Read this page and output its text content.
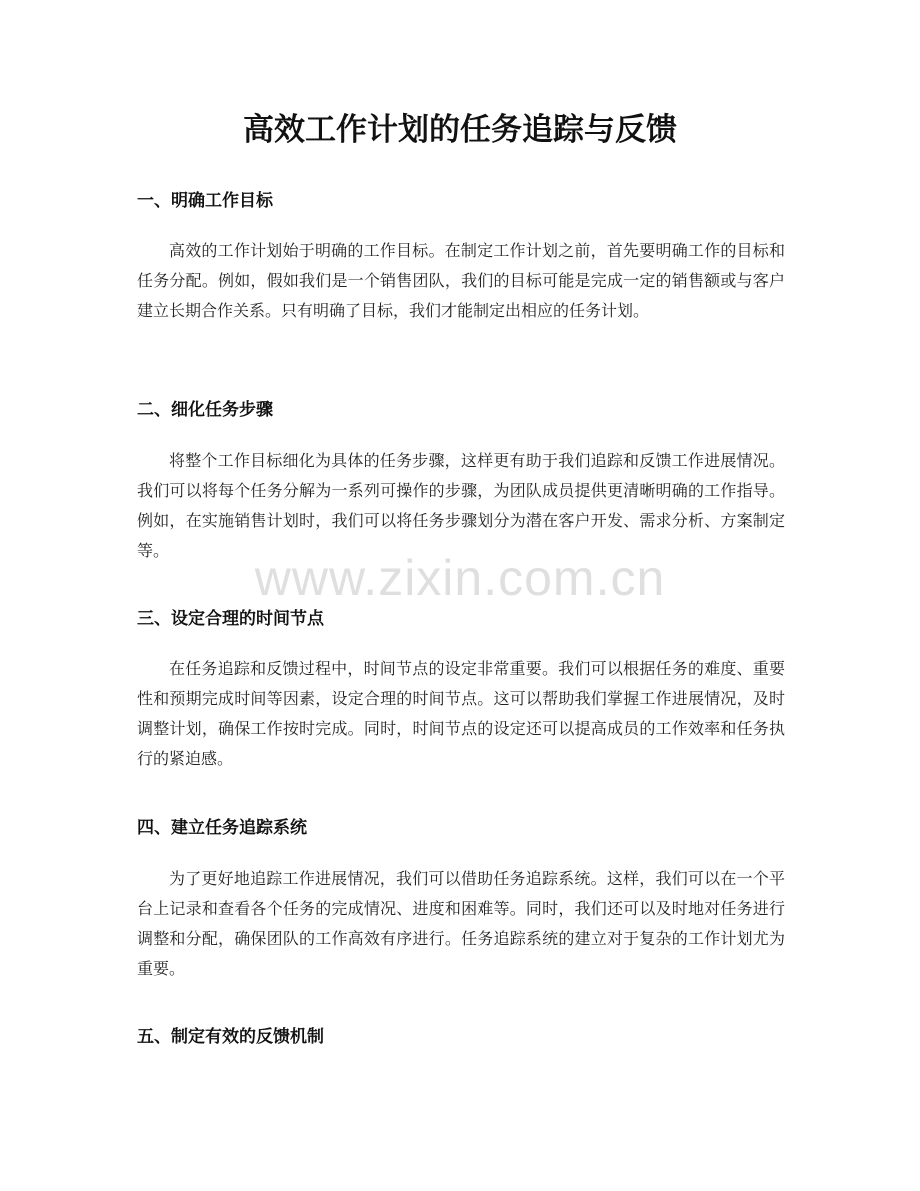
高效工作计划的任务追踪与反馈
一、明确工作目标

高效的工作计划始于明确的工作目标。在制定工作计划之前，首先要明确工作的目标和任务分配。例如，假如我们是一个销售团队，我们的目标可能是完成一定的销售额或与客户建立长期合作关系。只有明确了目标，我们才能制定出相应的任务计划。

二、细化任务步骤

将整个工作目标细化为具体的任务步骤，这样更有助于我们追踪和反馈工作进展情况。我们可以将每个任务分解为一系列可操作的步骤，为团队成员提供更清晰明确的工作指导。例如，在实施销售计划时，我们可以将任务步骤划分为潜在客户开发、需求分析、方案制定等。

三、设定合理的时间节点

在任务追踪和反馈过程中，时间节点的设定非常重要。我们可以根据任务的难度、重要性和预期完成时间等因素，设定合理的时间节点。这可以帮助我们掌握工作进展情况，及时调整计划，确保工作按时完成。同时，时间节点的设定还可以提高成员的工作效率和任务执行的紧迫感。

四、建立任务追踪系统

为了更好地追踪工作进展情况，我们可以借助任务追踪系统。这样，我们可以在一个平台上记录和查看各个任务的完成情况、进度和困难等。同时，我们还可以及时地对任务进行调整和分配，确保团队的工作高效有序进行。任务追踪系统的建立对于复杂的工作计划尤为重要。

五、制定有效的反馈机制
www.zixin.com.cn
